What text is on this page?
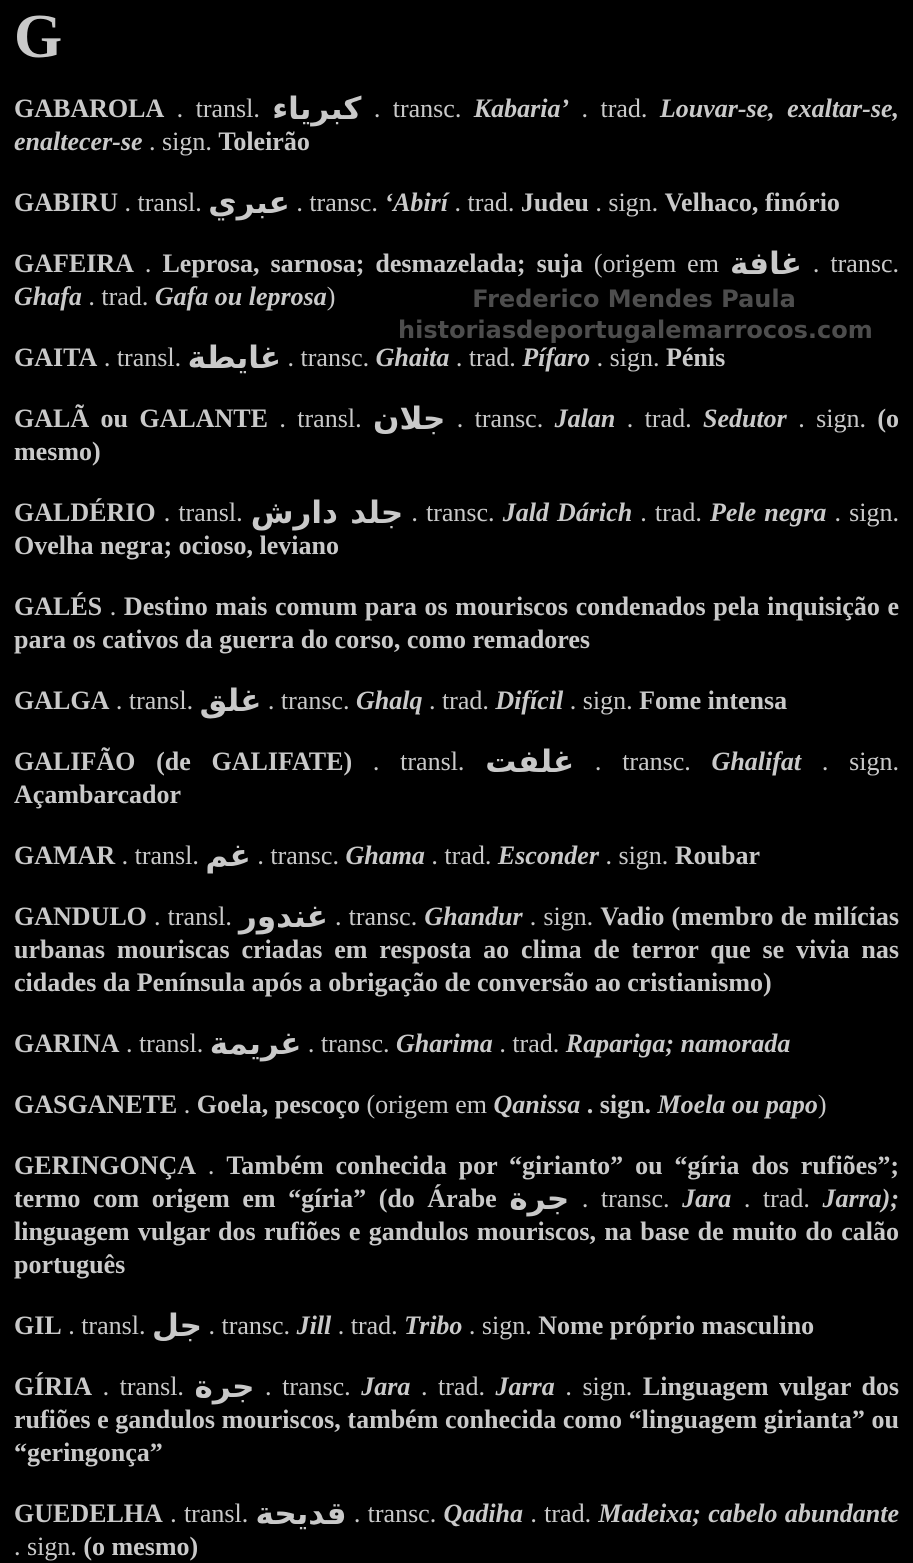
G

GABAROLA . transl. كبرياء . transc. Kabaria’ . trad. Louvar-se, exaltar-se, enaltecer-se . sign. Toleirão

GABIRU . transl. عبري . transc. ‘Abirí . trad. Judeu . sign. Velhaco, finório

GAFEIRA . Leprosa, sarnosa; desmazelada; suja (origem em غافة . transc. Ghafa . trad. Gafa ou leprosa)

GAITA . transl. غايطة . transc. Ghaita . trad. Pífaro . sign. Pénis

GALÃ ou GALANTE . transl. جلان . transc. Jalan . trad. Sedutor . sign. (o mesmo)

GALDÉRIO . transl. جلد دارش . transc. Jald Dárich . trad. Pele negra . sign. Ovelha negra; ocioso, leviano

GALÉS . Destino mais comum para os mouriscos condenados pela inquisição e para os cativos da guerra do corso, como remadores

GALGA . transl. غلق . transc. Ghalq . trad. Difícil . sign. Fome intensa

GALIFÃO (de GALIFATE) . transl. غلفت . transc. Ghalifat . sign. Açambarcador

GAMAR . transl. غم . transc. Ghama . trad. Esconder . sign. Roubar

GANDULO . transl. غندور . transc. Ghandur . sign. Vadio (membro de milícias urbanas mouriscas criadas em resposta ao clima de terror que se vivia nas cidades da Península após a obrigação de conversão ao cristianismo)

GARINA . transl. غريمة . transc. Gharima . trad. Rapariga; namorada

GASGANETE . Goela, pescoço (origem em Qanissa . sign. Moela ou papo)

GERINGONÇA . Também conhecida por “girianto” ou “gíria dos rufiões”; termo com origem em “gíria” (do Árabe جرة . transc. Jara . trad. Jarra); linguagem vulgar dos rufiões e gandulos mouriscos, na base de muito do calão português

GIL . transl. جل . transc. Jill . trad. Tribo . sign. Nome próprio masculino

GÍRIA . transl. جرة . transc. Jara . trad. Jarra . sign. Linguagem vulgar dos rufiões e gandulos mouriscos, também conhecida como “linguagem girianta” ou “geringonça”

GUEDELHA . transl. قديحة . transc. Qadiha . trad. Madeixa; cabelo abundante . sign. (o mesmo)

Frederico Mendes Paula
historiasdeportugalemarrocos.com
